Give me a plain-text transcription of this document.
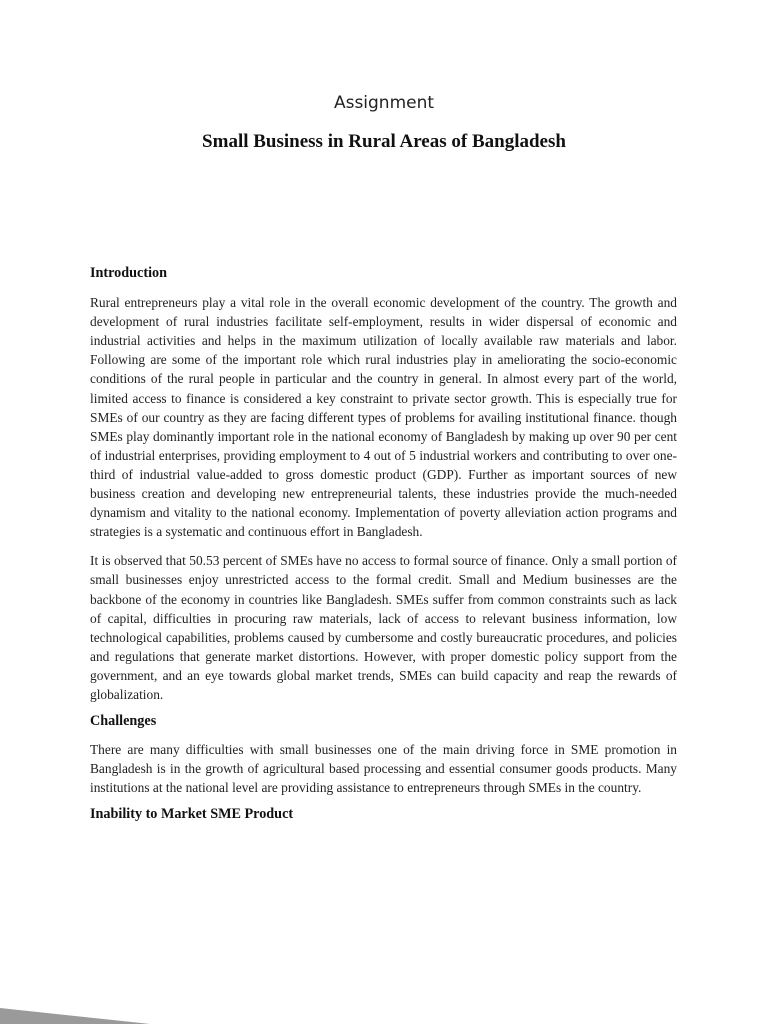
Assignment
Small Business in Rural Areas of Bangladesh
Introduction
Rural entrepreneurs play a vital role in the overall economic development of the country. The growth and development of rural industries facilitate self-employment, results in wider dispersal of economic and industrial activities and helps in the maximum utilization of locally available raw materials and labor. Following are some of the important role which rural industries play in ameliorating the socio-economic conditions of the rural people in particular and the country in general. In almost every part of the world, limited access to finance is considered a key constraint to private sector growth. This is especially true for SMEs of our country as they are facing different types of problems for availing institutional finance. though SMEs play dominantly important role in the national economy of Bangladesh by making up over 90 per cent of industrial enterprises, providing employment to 4 out of 5 industrial workers and contributing to over one-third of industrial value-added to gross domestic product (GDP). Further as important sources of new business creation and developing new entrepreneurial talents, these industries provide the much-needed dynamism and vitality to the national economy. Implementation of poverty alleviation action programs and strategies is a systematic and continuous effort in Bangladesh.
It is observed that 50.53 percent of SMEs have no access to formal source of finance. Only a small portion of small businesses enjoy unrestricted access to the formal credit. Small and Medium businesses are the backbone of the economy in countries like Bangladesh. SMEs suffer from common constraints such as lack of capital, difficulties in procuring raw materials, lack of access to relevant business information, low technological capabilities, problems caused by cumbersome and costly bureaucratic procedures, and policies and regulations that generate market distortions. However, with proper domestic policy support from the government, and an eye towards global market trends, SMEs can build capacity and reap the rewards of globalization.
Challenges
There are many difficulties with small businesses one of the main driving force in SME promotion in Bangladesh is in the growth of agricultural based processing and essential consumer goods products. Many institutions at the national level are providing assistance to entrepreneurs through SMEs in the country.
Inability to Market SME Product
